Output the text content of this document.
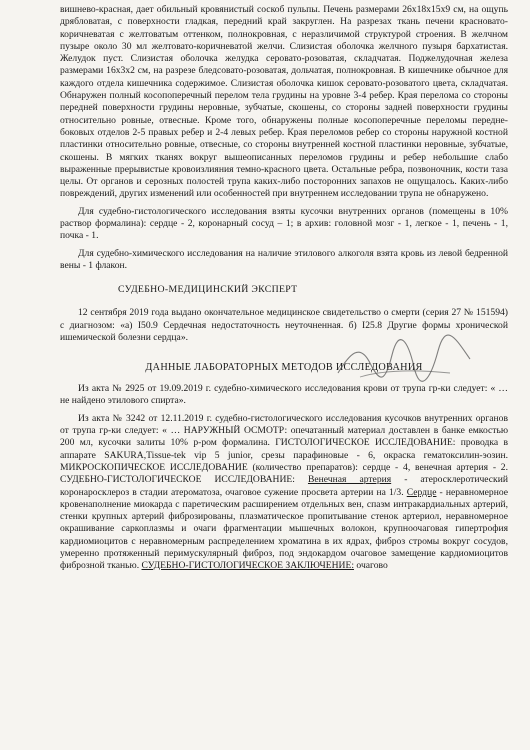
вишнево-красная, дает обильный кровянистый соскоб пульпы. Печень размерами 26х18х15х9 см, на ощупь дрябловатая, с поверхности гладкая, передний край закруглен. На разрезах ткань печени красновато-коричневатая с желтоватым оттенком, полнокровная, с неразличимой структурой строения. В желчном пузыре около 30 мл желтовато-коричневатой желчи. Слизистая оболочка желчного пузыря бархатистая. Желудок пуст. Слизистая оболочка желудка серовато-розоватая, складчатая. Поджелудочная железа размерами 16х3х2 см, на разрезе бледсовато-розоватая, дольчатая, полнокровная. В кишечнике обычное для каждого отдела кишечника содержимое. Слизистая оболочка кишок серовато-розоватого цвета, складчатая. Обнаружен полный косопоперечный перелом тела грудины на уровне 3-4 ребер. Края перелома со стороны передней поверхности грудины неровные, зубчатые, скошены, со стороны задней поверхности грудины относительно ровные, отвесные. Кроме того, обнаружены полные косопоперечные переломы передне-боковых отделов 2-5 правых ребер и 2-4 левых ребер. Края переломов ребер со стороны наружной костной пластинки относительно ровные, отвесные, со стороны внутренней костной пластинки неровные, зубчатые, скошены. В мягких тканях вокруг вышеописанных переломов грудины и ребер небольшие слабо выраженные прерывистые кровоизлияния темно-красного цвета. Остальные ребра, позвоночник, кости таза целы. От органов и серозных полостей трупа каких-либо посторонних запахов не ощущалось. Каких-либо повреждений, других изменений или особенностей при внутреннем исследовании трупа не обнаружено.

Для судебно-гистологического исследования взяты кусочки внутренних органов (помещены в 10% раствор формалина): сердце - 2, коронарный сосуд – 1; в архив: головной мозг - 1, легкое - 1, печень - 1, почка - 1.

Для судебно-химического исследования на наличие этилового алкоголя взята кровь из левой бедренной вены - 1 флакон.

СУДЕБНО-МЕДИЦИНСКИЙ ЭКСПЕРТ

12 сентября 2019 года выдано окончательное медицинское свидетельство о смерти (серия 27 № 151594) с диагнозом: «а) I50.9 Сердечная недостаточность неуточненная. б) I25.8 Другие формы хронической ишемической болезни сердца».

ДАННЫЕ ЛАБОРАТОРНЫХ МЕТОДОВ ИССЛЕДОВАНИЯ

Из акта № 2925 от 19.09.2019 г. судебно-химического исследования крови от трупа гр-ки следует: « … не найдено этилового спирта».

Из акта № 3242 от 12.11.2019 г. судебно-гистологического исследования кусочков внутренних органов от трупа гр-ки следует: « … НАРУЖНЫЙ ОСМОТР: опечатанный материал доставлен в банке емкостью 200 мл, кусочки залиты 10% р-ром формалина. ГИСТОЛОГИЧЕСКОЕ ИССЛЕДОВАНИЕ: проводка в аппарате SAKURA,Tissue-tek vip 5 junior, срезы парафиновые - 6, окраска гематоксилин-эозин. МИКРОСКОПИЧЕСКОЕ ИССЛЕДОВАНИЕ (количество препаратов): сердце - 4, венечная артерия - 2. СУДЕБНО-ГИСТОЛОГИЧЕСКОЕ ИССЛЕДОВАНИЕ: Венечная артерия - атеросклеротический коронаросклероз в стадии атероматоза, очаговое сужение просвета артерии на 1/3. Сердце - неравномерное кровенаполнение миокарда с паретическим расширением отдельных вен, спазм интракардиальных артерий, стенки крупных артерий фиброзированы, плазматическое пропитывание стенок артериол, неравномерное окрашивание саркоплазмы и очаги фрагментации мышечных волокон, крупноочаговая гипертрофия кардиомиоцитов с неравномерным распределением хроматина в их ядрах, фиброз стромы вокруг сосудов, умеренно протяженный перимускулярный фиброз, под эндокардом очаговое замещение кардиомиоцитов фиброзной тканью. СУДЕБНО-ГИСТОЛОГИЧЕСКОЕ ЗАКЛЮЧЕНИЕ: очагово
